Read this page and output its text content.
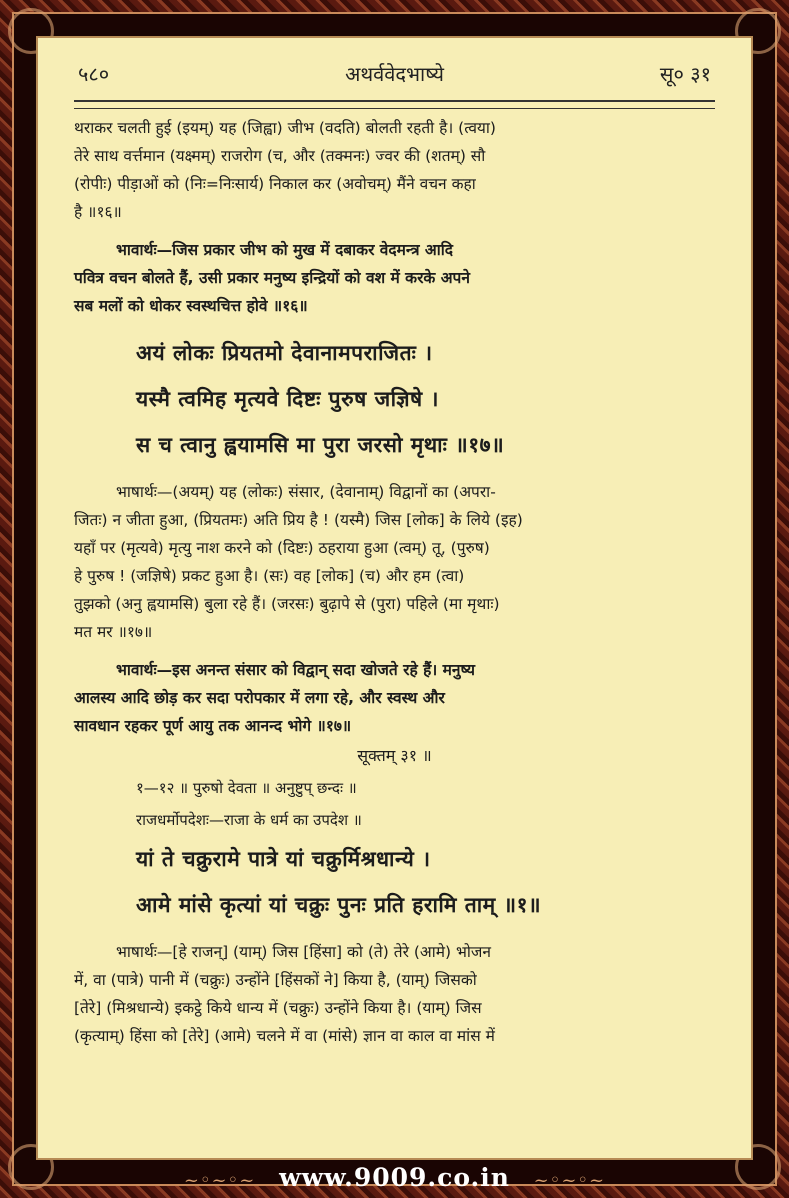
५८०	अथर्ववेदभाष्ये	सू० ३१

थराकर चलती हुई (इयम्) यह (जिह्वा) जीभ (वदति) बोलती रहती है। (त्वया)

तेरे साथ वर्त्तमान (यक्ष्मम्) राजरोग (च, और (तक्मनः) ज्वर की (शतम्) सौ

(रोपीः) पीड़ाओं को (निः=निःसार्य) निकाल कर (अवोचम्) मैंने वचन कहा

है ॥१६॥

भावार्थः—जिस प्रकार जीभ को मुख में दबाकर वेदमन्त्र आदि

पवित्र वचन बोलते हैं, उसी प्रकार मनुष्य इन्द्रियों को वश में करके अपने

सब मलों को धोकर स्वस्थचित्त होवे ॥१६॥

अयं लोकः प्रियतमो देवानामपराजितः ।

यस्मै त्वमिह मृत्यवे दिष्टः पुरुष जज्ञिषे ।

स च त्वानु ह्वयामसि मा पुरा जरसो मृथाः ॥१७॥

भाषार्थः—(अयम्) यह (लोकः) संसार, (देवानाम्) विद्वानों का (अपरा-

जितः) न जीता हुआ, (प्रियतमः) अति प्रिय है ! (यस्मै) जिस [लोक] के लिये (इह)

यहाँ पर (मृत्यवे) मृत्यु नाश करने को (दिष्टः) ठहराया हुआ (त्वम्) तू, (पुरुष)

हे पुरुष ! (जज्ञिषे) प्रकट हुआ है। (सः) वह [लोक] (च) और हम (त्वा)

तुझको (अनु ह्वयामसि) बुला रहे हैं। (जरसः) बुढ़ापे से (पुरा) पहिले (मा मृथाः)

मत मर ॥१७॥

भावार्थः—इस अनन्त संसार को विद्वान् सदा खोजते रहे हैं। मनुष्य

आलस्य आदि छोड़ कर सदा परोपकार में लगा रहे, और स्वस्थ और

सावधान रहकर पूर्ण आयु तक आनन्द भोगे ॥१७॥

सूक्तम् ३१ ॥

१—१२ ॥ पुरुषो देवता ॥ अनुष्टुप् छन्दः ॥

राजधर्मोपदेशः—राजा के धर्म का उपदेश ॥

यां ते चक्रुरामे पात्रे यां चक्रुर्मिश्रधान्ये ।

आमे मांसे कृत्यां यां चक्रुः पुनः प्रति हरामि ताम् ॥१॥

भाषार्थः—[हे राजन्] (याम्) जिस [हिंसा] को (ते) तेरे (आमे) भोजन

में, वा (पात्रे) पानी में (चक्रुः) उन्होंने [हिंसकों ने] किया है, (याम्) जिसको

[तेरे] (मिश्रधान्ये) इकट्ठे किये धान्य में (चक्रुः) उन्होंने किया है। (याम्) जिस

(कृत्याम्) हिंसा को [तेरे] (आमे) चलने में वा (मांसे) ज्ञान वा काल वा मांस में

~◦~◦~ www.9009.co.in ~◦~◦~
